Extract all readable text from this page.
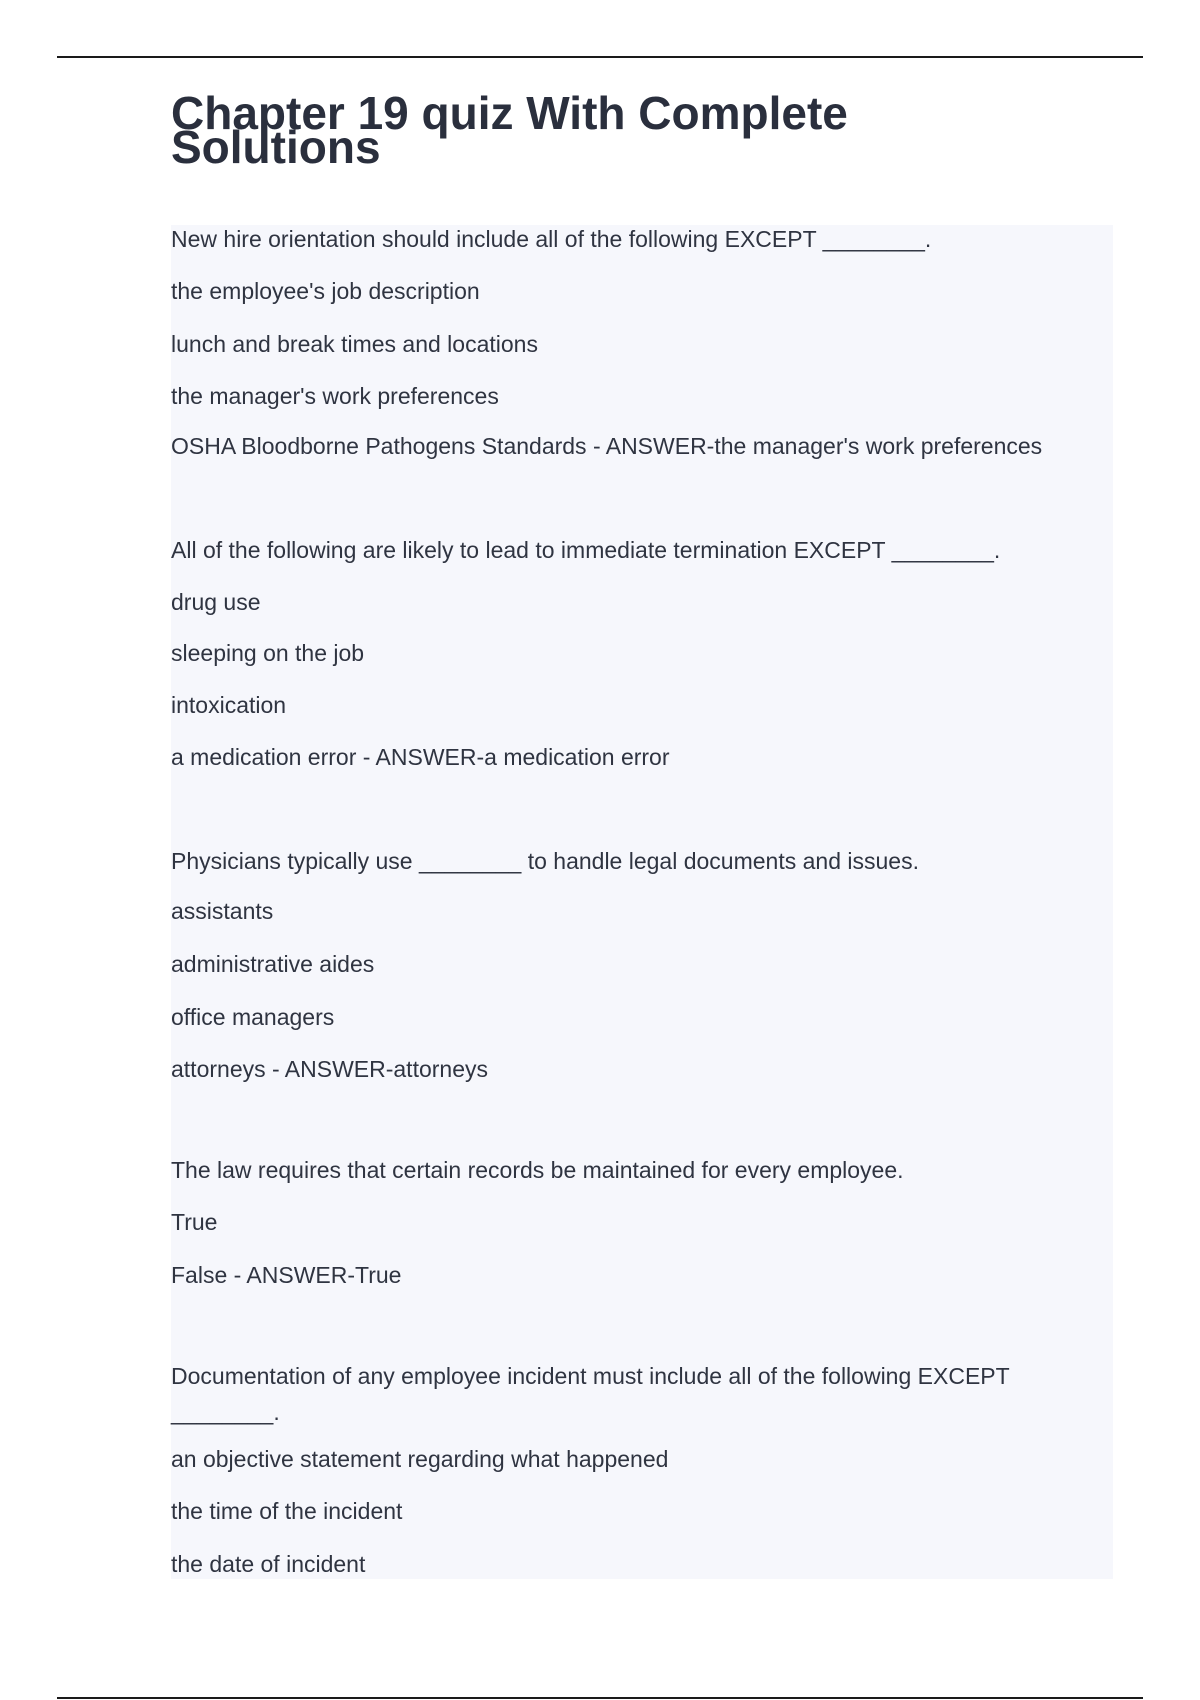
Chapter 19 quiz With Complete Solutions
New hire orientation should include all of the following EXCEPT ________.
the employee's job description
lunch and break times and locations
the manager's work preferences
OSHA Bloodborne Pathogens Standards - ANSWER-the manager's work preferences
All of the following are likely to lead to immediate termination EXCEPT ________.
drug use
sleeping on the job
intoxication
a medication error - ANSWER-a medication error
Physicians typically use ________ to handle legal documents and issues.
assistants
administrative aides
office managers
attorneys - ANSWER-attorneys
The law requires that certain records be maintained for every employee.
True
False - ANSWER-True
Documentation of any employee incident must include all of the following EXCEPT ________.
an objective statement regarding what happened
the time of the incident
the date of incident
